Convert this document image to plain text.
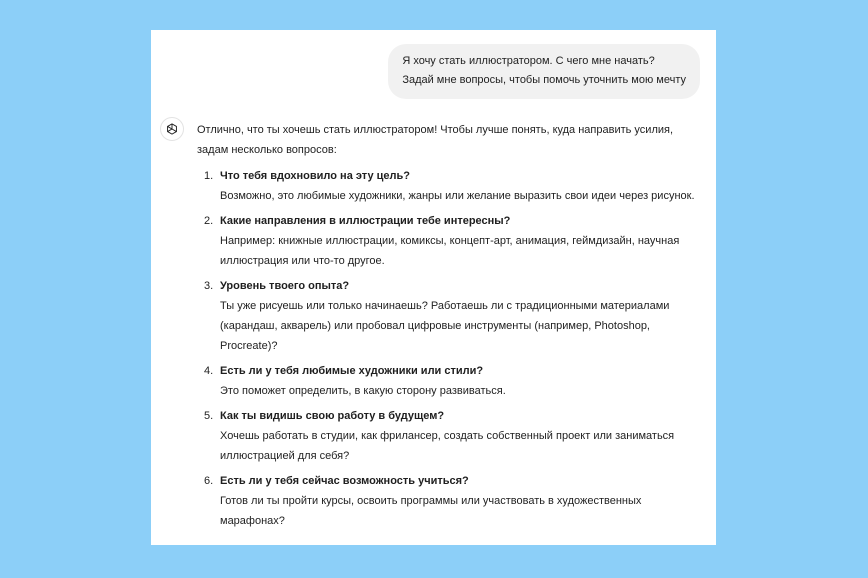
Я хочу стать иллюстратором. С чего мне начать?
Задай мне вопросы, чтобы помочь уточнить мою мечту

Отлично, что ты хочешь стать иллюстратором! Чтобы лучше понять, куда направить усилия, задам несколько вопросов:

1. Что тебя вдохновило на эту цель?
Возможно, это любимые художники, жанры или желание выразить свои идеи через рисунок.
2. Какие направления в иллюстрации тебе интересны?
Например: книжные иллюстрации, комиксы, концепт-арт, анимация, геймдизайн, научная иллюстрация или что-то другое.
3. Уровень твоего опыта?
Ты уже рисуешь или только начинаешь? Работаешь ли с традиционными материалами (карандаш, акварель) или пробовал цифровые инструменты (например, Photoshop, Procreate)?
4. Есть ли у тебя любимые художники или стили?
Это поможет определить, в какую сторону развиваться.
5. Как ты видишь свою работу в будущем?
Хочешь работать в студии, как фрилансер, создать собственный проект или заниматься иллюстрацией для себя?
6. Есть ли у тебя сейчас возможность учиться?
Готов ли ты пройти курсы, освоить программы или участвовать в художественных марафонах?
